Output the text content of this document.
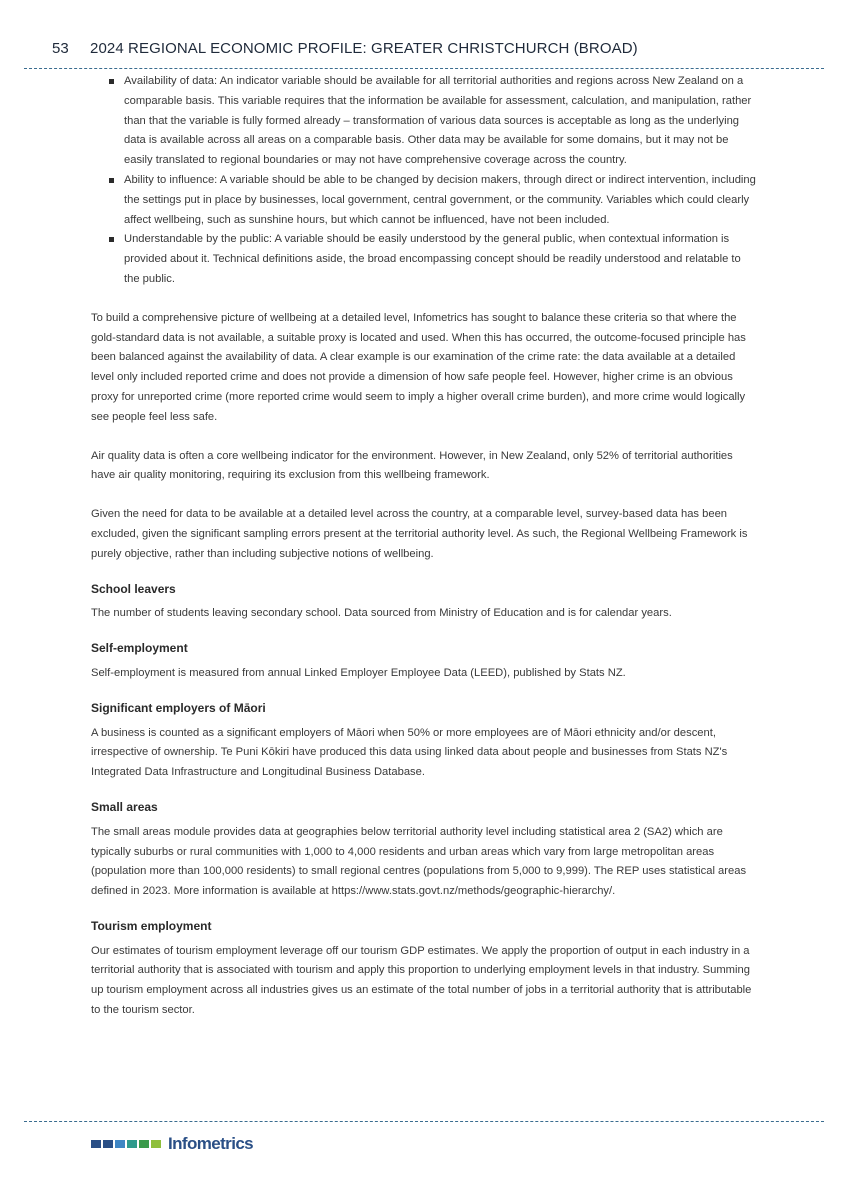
53	2024 REGIONAL ECONOMIC PROFILE: GREATER CHRISTCHURCH (BROAD)
Availability of data: An indicator variable should be available for all territorial authorities and regions across New Zealand on a comparable basis. This variable requires that the information be available for assessment, calculation, and manipulation, rather than that the variable is fully formed already – transformation of various data sources is acceptable as long as the underlying data is available across all areas on a comparable basis. Other data may be available for some domains, but it may not be easily translated to regional boundaries or may not have comprehensive coverage across the country.
Ability to influence: A variable should be able to be changed by decision makers, through direct or indirect intervention, including the settings put in place by businesses, local government, central government, or the community. Variables which could clearly affect wellbeing, such as sunshine hours, but which cannot be influenced, have not been included.
Understandable by the public: A variable should be easily understood by the general public, when contextual information is provided about it. Technical definitions aside, the broad encompassing concept should be readily understood and relatable to the public.

To build a comprehensive picture of wellbeing at a detailed level, Infometrics has sought to balance these criteria so that where the gold-standard data is not available, a suitable proxy is located and used. When this has occurred, the outcome-focused principle has been balanced against the availability of data. A clear example is our examination of the crime rate: the data available at a detailed level only included reported crime and does not provide a dimension of how safe people feel. However, higher crime is an obvious proxy for unreported crime (more reported crime would seem to imply a higher overall crime burden), and more crime would logically see people feel less safe.

Air quality data is often a core wellbeing indicator for the environment. However, in New Zealand, only 52% of territorial authorities have air quality monitoring, requiring its exclusion from this wellbeing framework.

Given the need for data to be available at a detailed level across the country, at a comparable level, survey-based data has been excluded, given the significant sampling errors present at the territorial authority level. As such, the Regional Wellbeing Framework is purely objective, rather than including subjective notions of wellbeing.

School leavers

The number of students leaving secondary school. Data sourced from Ministry of Education and is for calendar years.

Self-employment

Self-employment is measured from annual Linked Employer Employee Data (LEED), published by Stats NZ.

Significant employers of Māori

A business is counted as a significant employers of Māori when 50% or more employees are of Māori ethnicity and/or descent, irrespective of ownership. Te Puni Kōkiri have produced this data using linked data about people and businesses from Stats NZ's Integrated Data Infrastructure and Longitudinal Business Database.

Small areas

The small areas module provides data at geographies below territorial authority level including statistical area 2 (SA2) which are typically suburbs or rural communities with 1,000 to 4,000 residents and urban areas which vary from large metropolitan areas (population more than 100,000 residents) to small regional centres (populations from 5,000 to 9,999). The REP uses statistical areas defined in 2023. More information is available at https://www.stats.govt.nz/methods/geographic-hierarchy/.

Tourism employment

Our estimates of tourism employment leverage off our tourism GDP estimates. We apply the proportion of output in each industry in a territorial authority that is associated with tourism and apply this proportion to underlying employment levels in that industry. Summing up tourism employment across all industries gives us an estimate of the total number of jobs in a territorial authority that is attributable to the tourism sector.

Infometrics
